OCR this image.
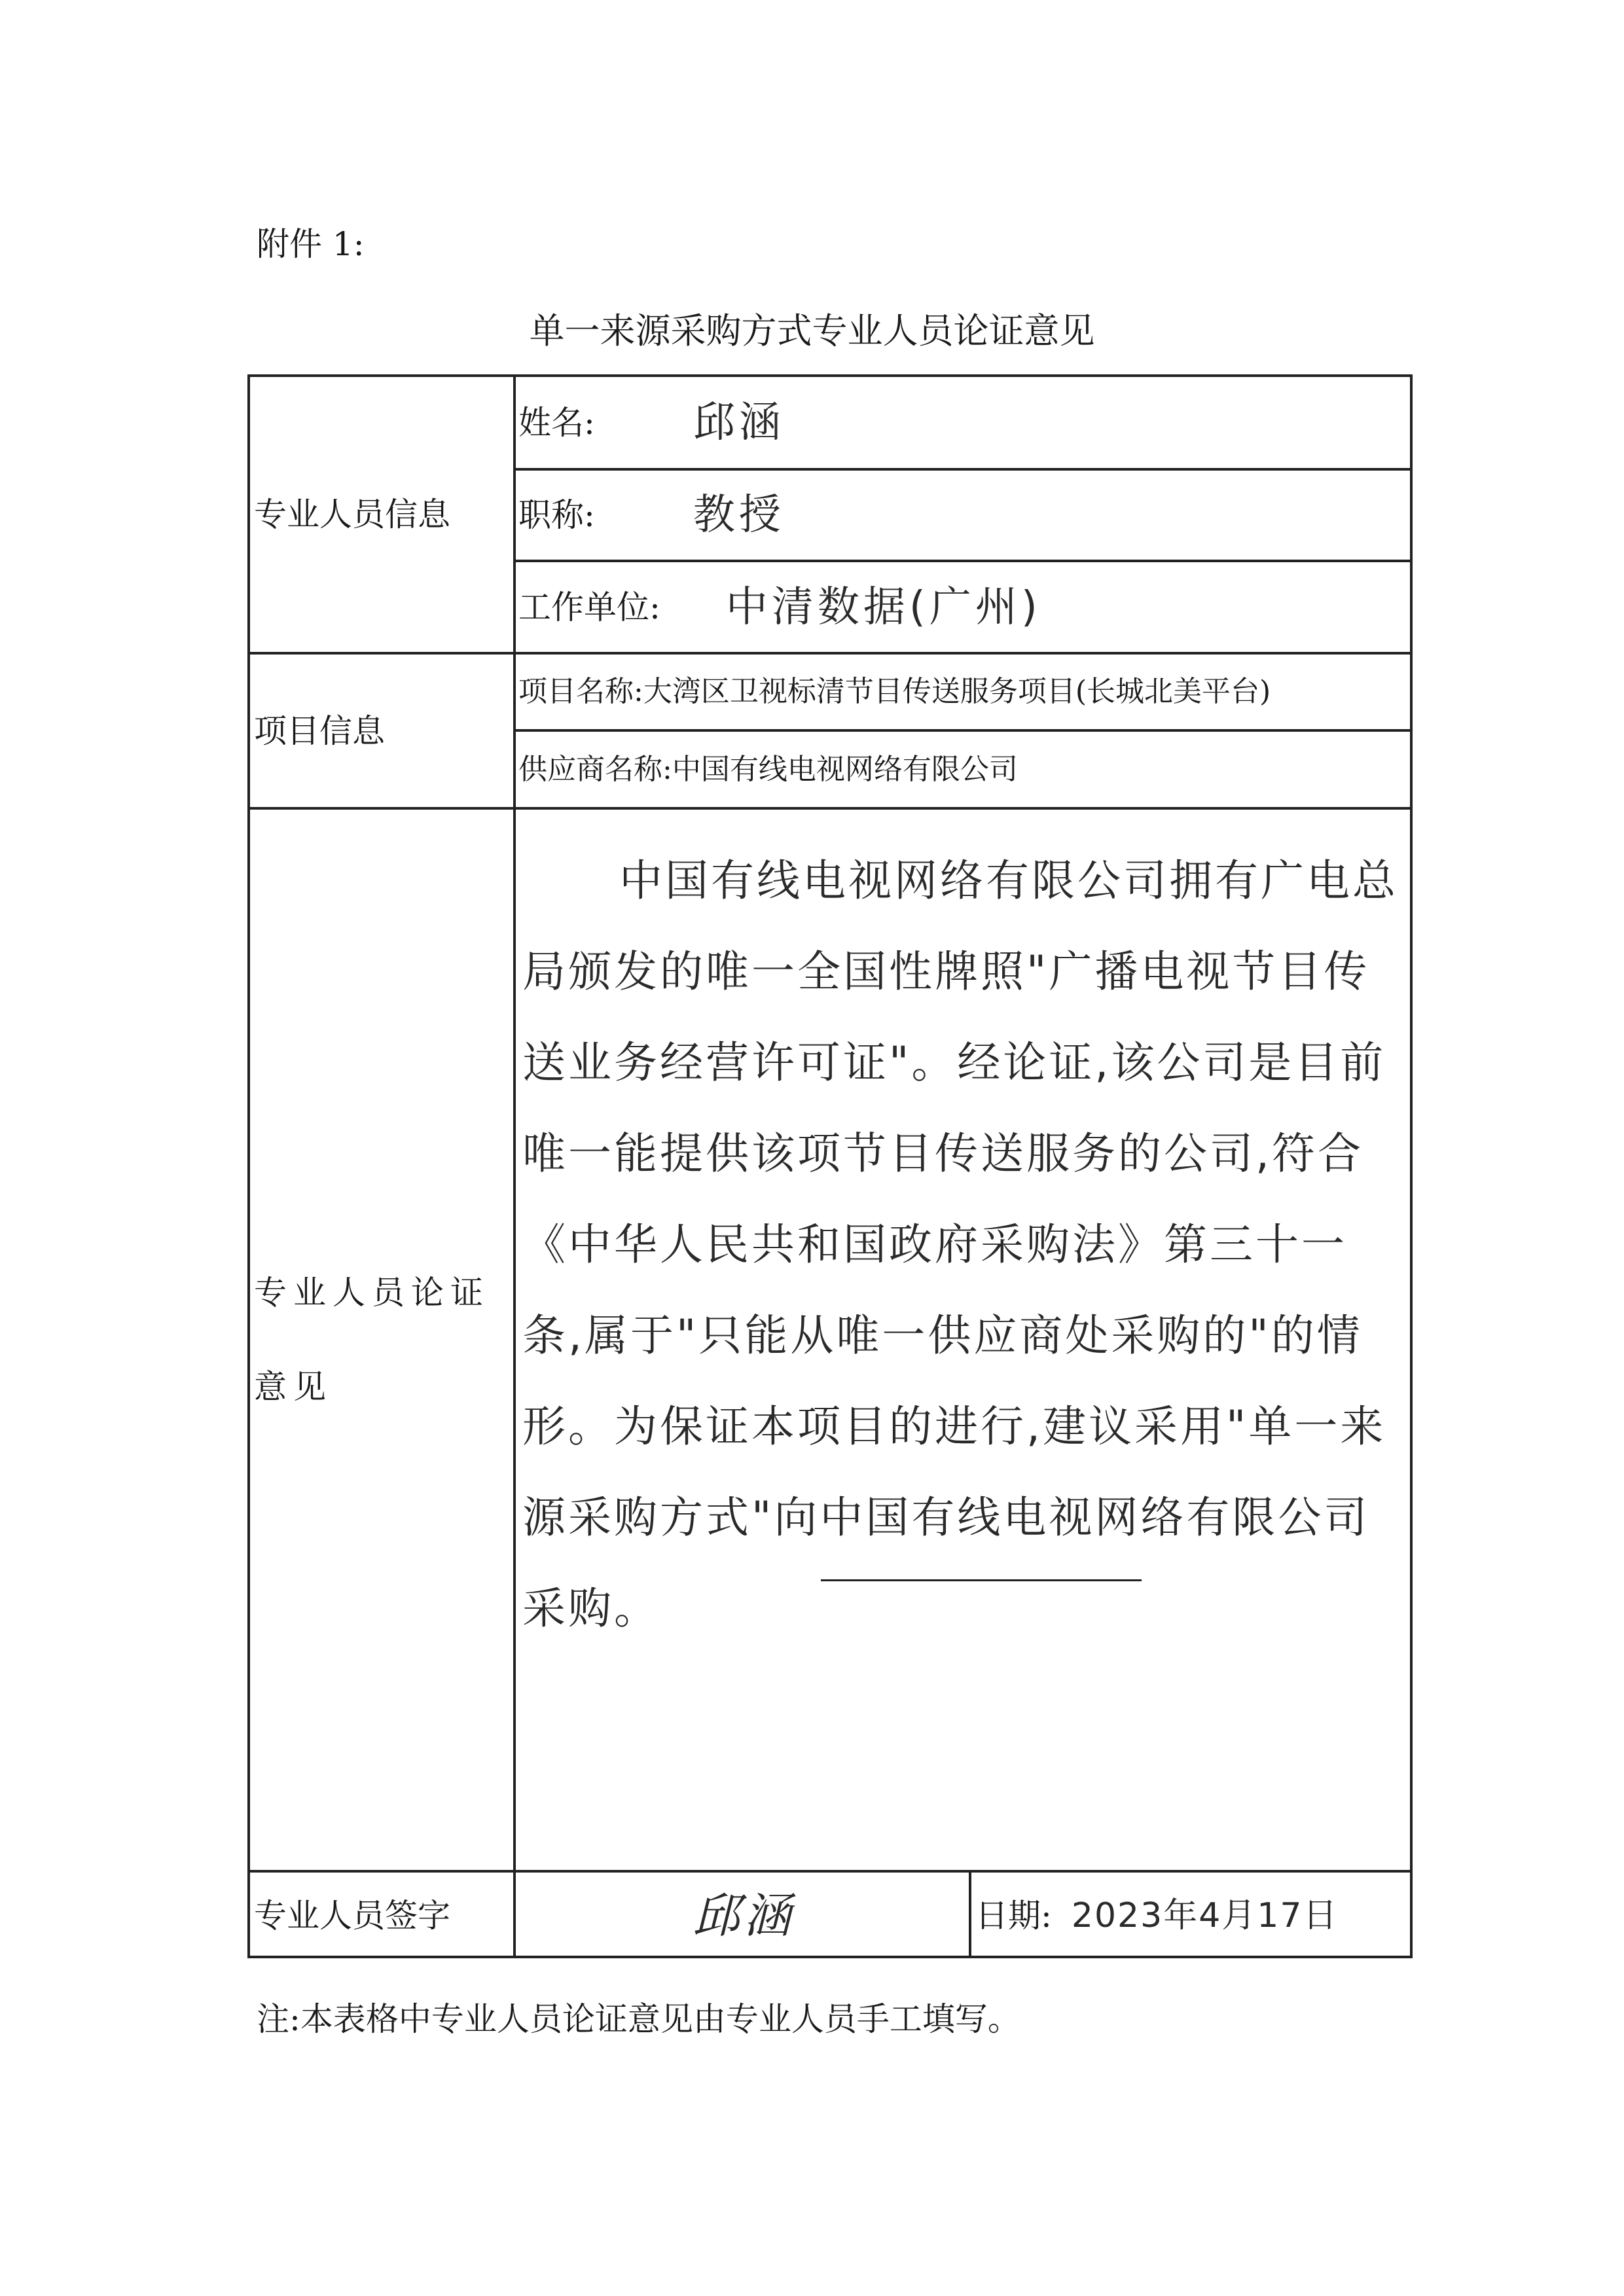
附件 1:
单一来源采购方式专业人员论证意见
专业人员信息
姓名: 邱涵
职称: 教授
工作单位: 中清数据(广州)
项目信息
项目名称:大湾区卫视标清节目传送服务项目(长城北美平台)
供应商名称:中国有线电视网络有限公司
专业人员论证意见
中国有线电视网络有限公司拥有广电总局颁发的唯一全国性牌照"广播电视节目传送业务经营许可证"。经论证,该公司是目前唯一能提供该项节目传送服务的公司,符合《中华人民共和国政府采购法》第三十一条,属于"只能从唯一供应商处采购的"的情形。为保证本项目的进行,建议采用"单一来源采购方式"向中国有线电视网络有限公司采购。
专业人员签字	邱涵	日期: 2023年4月17日
注:本表格中专业人员论证意见由专业人员手工填写。
